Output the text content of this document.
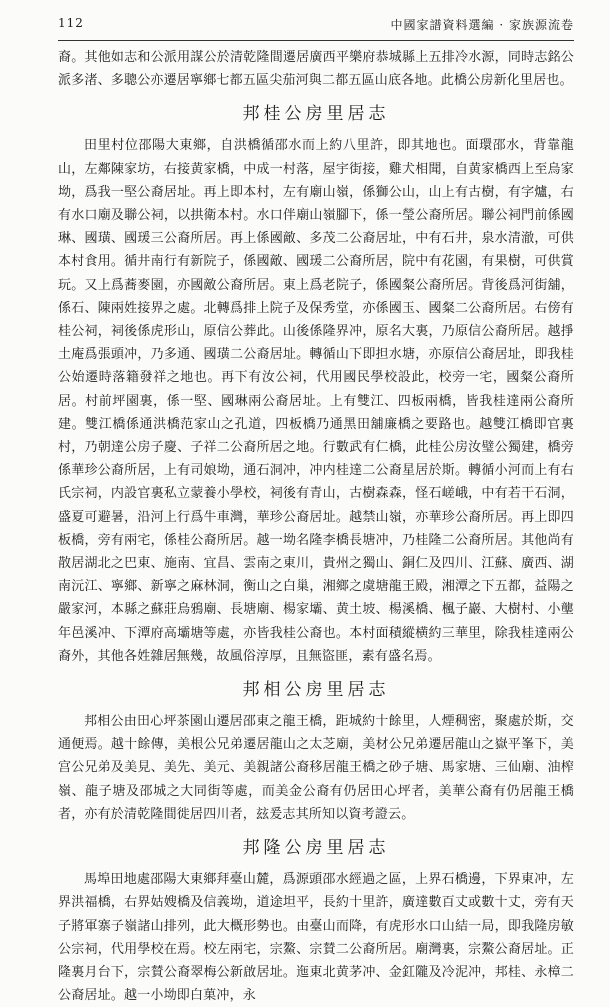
112	中國家譜資料選編 · 家族源流卷

裔。其他如志和公派用謀公於清乾隆間遷居廣西平樂府恭城縣上五排冷水源，同時志銘公派多渚、多聰公亦遷居寧鄉七都五區尖茄河與二都五區山底各地。此橋公房新化里居也。

邦桂公房里居志

田里村位邵陽大東鄉，自洪橋循邵水而上約八里許，即其地也。面環邵水，背靠龍山，左鄰陳家坊，右接黄家橋，中成一村落，屋宇街接，雞犬相聞，自黄家橋西上至烏家坳，爲我一堅公裔居址。再上即本村，左有廟山嶺，係獅公山，山上有古樹，有字爐，右有水口廟及聯公祠，以拱衛本村。水口伴廟山嶺腳下，係一瑩公裔所居。聯公祠門前係國琳、國璜、國瑗三公裔所居。再上係國敵、多茂二公裔居址，中有石井，泉水清澈，可供本村食用。循井南行有新院子，係國敵、國瑗二公裔所居，院中有花園，有果樹，可供賞玩。又上爲蕎麥園，亦國敵公裔所居。東上爲老院子，係國粲公裔所居。背後爲河街舖，係石、陳兩姓接界之處。北轉爲排上院子及保秀堂，亦係國玉、國粲二公裔所居。右傍有桂公祠，祠後係虎形山，原信公葬此。山後係隆界冲，原名大裏，乃原信公裔所居。越掙土庵爲張頭冲，乃多通、國璜二公裔居址。轉循山下即担水塘，亦原信公裔居址，即我桂公始遷時落籍發祥之地也。再下有汝公祠，代用國民學校設此，校旁一宅，國粲公裔所居。村前坪園裏，係一堅、國琳兩公裔居址。上有雙江、四板兩橋，皆我桂達兩公裔所建。雙江橋係通洪橋范家山之孔道，四板橋乃通黑田舖廉橋之要路也。越雙江橋即官裏村，乃朝達公房子慶、子祥二公裔所居之地。行數武有仁橋，此桂公房汝璧公獨建，橋旁係華珍公裔所居，上有司娘坳，通石洞冲，冲内桂達二公裔星居於斯。轉循小河而上有右氏宗祠，内設官裏私立蒙養小學校，祠後有青山，古樹森森，怪石嵯峨，中有若干石洞，盛夏可避暑，沿河上行爲牛車灣，華珍公裔居址。越禁山嶺，亦華珍公裔所居。再上即四板橋，旁有兩宅，係桂公裔所居。越一坳名隆李橋長塘冲，乃桂隆二公裔所居。其他尚有散居湖北之巴東、施南、宜昌、雲南之東川，貴州之獨山、銅仁及四川、江蘇、廣西、湖南沅江、寧鄉、新寧之麻林洞，衡山之白巢，湘鄉之虞塘龍王殿，湘潭之下五都，益陽之嚴家河，本縣之蘇莊烏鴉廟、長塘廟、楊家壩、黄土坡、楊溪橋、楓子巖、大樹村、小壟年邑溪冲、下潭府高壩塘等處，亦皆我桂公裔也。本村面積縱横約三華里，除我桂達兩公裔外，其他各姓雜居無幾，故風俗淳厚，且無盜匪，素有盛名焉。

邦相公房里居志

邦相公由田心坪茶園山遷居邵東之龍王橋，距城約十餘里，人煙稠密，聚處於斯，交通便焉。越十餘傳，美根公兄弟遷居龍山之太芝廟，美材公兄弟遷居龍山之嶽平峯下，美宫公兄弟及美見、美先、美元、美親諸公裔移居龍王橋之砂子塘、馬家塘、三仙廟、油榨嶺、龍子塘及邵城之大同街等處，而美金公裔有仍居田心坪者，美華公裔有仍居龍王橋者，亦有於清乾隆間徙居四川者，玆爰志其所知以資考證云。

邦隆公房里居志

馬埠田地處邵陽大東鄉拜臺山麓，爲源頭邵水經過之區，上界石橋邊，下界東冲，左界洪福橋，右界姑嫂橋及信義坳，道途坦平，長約十里許，廣達數百丈或數十丈，旁有天子將軍寨子嶺諸山排列，此大概形勢也。由臺山而降，有虎形水口山結一局，即我隆房敏公宗祠，代用學校在焉。校左兩宅，宗鰲、宗賛二公裔所居。廟灣裏，宗鰲公裔居址。正隆裏月台下，宗賛公裔翠梅公新啟居址。迤東北黄茅冲、金釭隴及冷泥冲，邦桂、永樟二公裔居址。越一小坳即白菓冲，永
